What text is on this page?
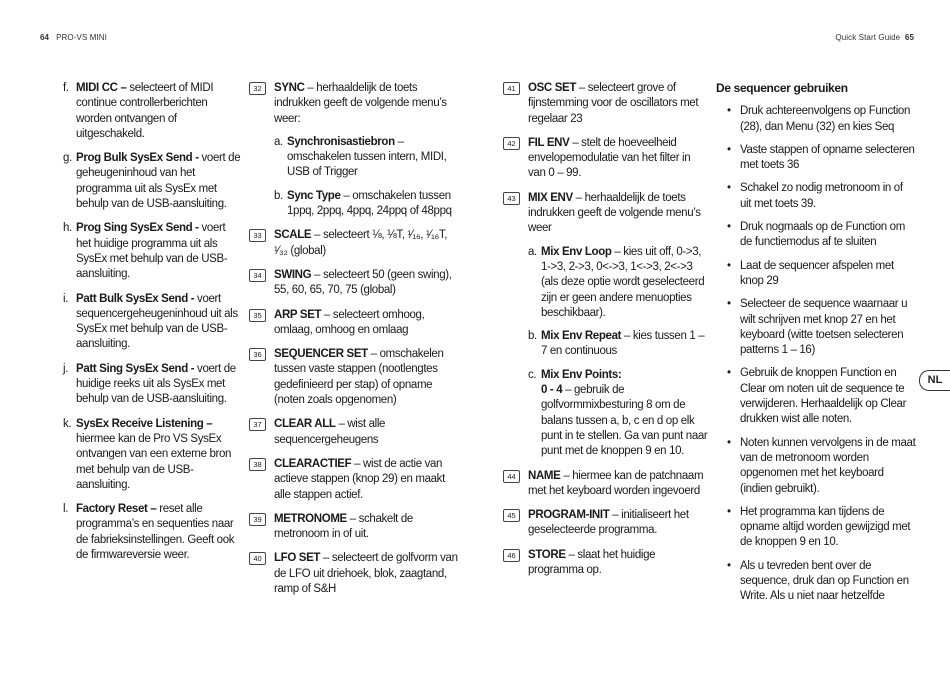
64 PRO-VS MINI	Quick Start Guide 65
f. MIDI CC – selecteert of MIDI continue controllerberichten worden ontvangen of uitgeschakeld.
g. Prog Bulk SysEx Send - voert de geheugeninhoud van het programma uit als SysEx met behulp van de USB-aansluiting.
h. Prog Sing SysEx Send - voert het huidige programma uit als SysEx met behulp van de USB-aansluiting.
i. Patt Bulk SysEx Send - voert sequencergeheugeninhoud uit als SysEx met behulp van de USB-aansluiting.
j. Patt Sing SysEx Send - voert de huidige reeks uit als SysEx met behulp van de USB-aansluiting.
k. SysEx Receive Listening – hiermee kan de Pro VS SysEx ontvangen van een externe bron met behulp van de USB-aansluiting.
l. Factory Reset – reset alle programma’s en sequenties naar de fabrieksinstellingen. Geeft ook de firmwareversie weer.
32	SYNC – herhaaldelijk de toets indrukken geeft de volgende menu’s weer:
a. Synchronisastiebron – omschakelen tussen intern, MIDI, USB of Trigger
b. Sync Type – omschakelen tussen 1ppq, 2ppq, 4ppq, 24ppq of 48ppq
33	SCALE – selecteert ⅛, ⅛T, ¹⁄₁₆, ¹⁄₁₆T, ¹⁄₃₂ (global)
34	SWING – selecteert 50 (geen swing), 55, 60, 65, 70, 75 (global)
35	ARP SET – selecteert omhoog, omlaag, omhoog en omlaag
36	SEQUENCER SET – omschakelen tussen vaste stappen (nootlengtes gedefinieerd per stap) of opname (noten zoals opgenomen)
37	CLEAR ALL – wist alle sequencergeheugens
38	CLEARACTIEF – wist de actie van actieve stappen (knop 29) en maakt alle stappen actief.
39	METRONOME – schakelt de metronoom in of uit.
40	LFO SET – selecteert de golfvorm van de LFO uit driehoek, blok, zaagtand, ramp of S&H
41	OSC SET – selecteert grove of fijnstemming voor de oscillators met regelaar 23
42	FIL ENV – stelt de hoeveelheid envelopemodulatie van het filter in van 0 – 99.
43	MIX ENV – herhaaldelijk de toets indrukken geeft de volgende menu’s weer
a. Mix Env Loop – kies uit off, 0->3, 1->3, 2->3, 0<->3, 1<->3, 2<->3 (als deze optie wordt geselecteerd zijn er geen andere menuopties beschikbaar).
b. Mix Env Repeat – kies tussen 1 – 7 en continuous
c. Mix Env Points:
0 - 4 – gebruik de golfvormmixbesturing 8 om de balans tussen a, b, c en d op elk punt in te stellen. Ga van punt naar punt met de knoppen 9 en 10.
44	NAME – hiermee kan de patchnaam met het keyboard worden ingevoerd
45	PROGRAM-INIT – initialiseert het geselecteerde programma.
46	STORE – slaat het huidige programma op.
De sequencer gebruiken
• Druk achtereenvolgens op Function (28), dan Menu (32) en kies Seq
• Vaste stappen of opname selecteren met toets 36
• Schakel zo nodig metronoom in of uit met toets 39.
• Druk nogmaals op de Function om de functiemodus af te sluiten
• Laat de sequencer afspelen met knop 29
• Selecteer de sequence waarnaar u wilt schrijven met knop 27 en het keyboard (witte toetsen selecteren patterns 1 – 16)
• Gebruik de knoppen Function en Clear om noten uit de sequence te verwijderen. Herhaaldelijk op Clear drukken wist alle noten.
• Noten kunnen vervolgens in de maat van de metronoom worden opgenomen met het keyboard (indien gebruikt).
• Het programma kan tijdens de opname altijd worden gewijzigd met de knoppen 9 en 10.
• Als u tevreden bent over de sequence, druk dan op Function en Write. Als u niet naar hetzelfde
NL
